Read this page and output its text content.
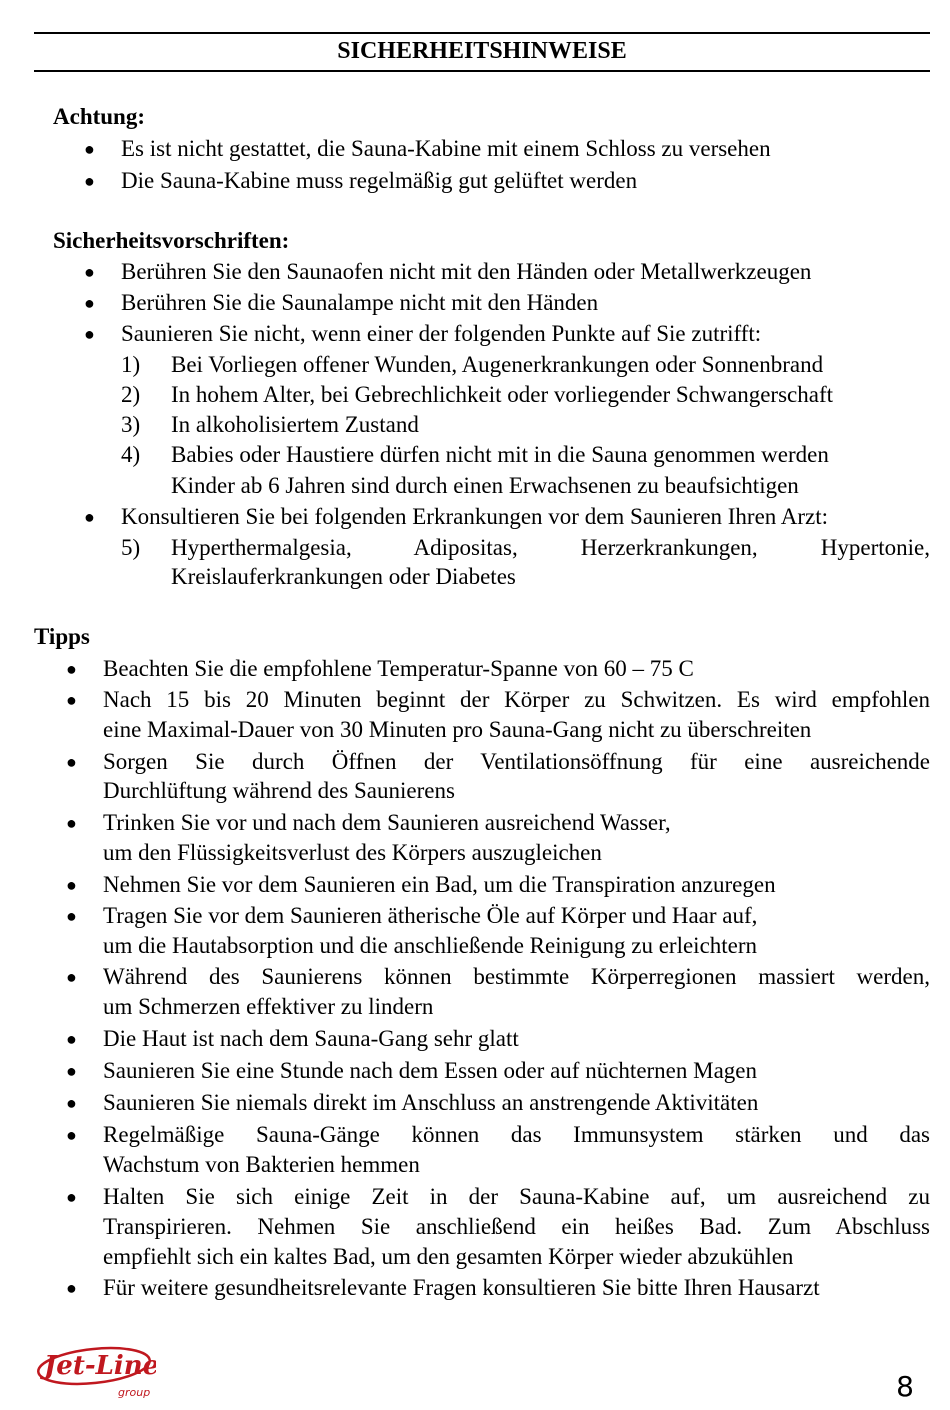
SICHERHEITSHINWEISE
Achtung:
● Es ist nicht gestattet, die Sauna-Kabine mit einem Schloss zu versehen
● Die Sauna-Kabine muss regelmäßig gut gelüftet werden
Sicherheitsvorschriften:
● Berühren Sie den Saunaofen nicht mit den Händen oder Metallwerkzeugen
● Berühren Sie die Saunalampe nicht mit den Händen
● Saunieren Sie nicht, wenn einer der folgenden Punkte auf Sie zutrifft:
1) Bei Vorliegen offener Wunden, Augenerkrankungen oder Sonnenbrand
2) In hohem Alter, bei Gebrechlichkeit oder vorliegender Schwangerschaft
3) In alkoholisiertem Zustand
4) Babies oder Haustiere dürfen nicht mit in die Sauna genommen werden
Kinder ab 6 Jahren sind durch einen Erwachsenen zu beaufsichtigen
● Konsultieren Sie bei folgenden Erkrankungen vor dem Saunieren Ihren Arzt:
5) Hyperthermalgesia, Adipositas, Herzerkrankungen, Hypertonie,
Kreislauferkrankungen oder Diabetes
Tipps
● Beachten Sie die empfohlene Temperatur-Spanne von 60 – 75 C
● Nach 15 bis 20 Minuten beginnt der Körper zu Schwitzen. Es wird empfohlen
eine Maximal-Dauer von 30 Minuten pro Sauna-Gang nicht zu überschreiten
● Sorgen Sie durch Öffnen der Ventilationsöffnung für eine ausreichende
Durchlüftung während des Saunierens
● Trinken Sie vor und nach dem Saunieren ausreichend Wasser,
um den Flüssigkeitsverlust des Körpers auszugleichen
● Nehmen Sie vor dem Saunieren ein Bad, um die Transpiration anzuregen
● Tragen Sie vor dem Saunieren ätherische Öle auf Körper und Haar auf,
um die Hautabsorption und die anschließende Reinigung zu erleichtern
● Während des Saunierens können bestimmte Körperregionen massiert werden,
um Schmerzen effektiver zu lindern
● Die Haut ist nach dem Sauna-Gang sehr glatt
● Saunieren Sie eine Stunde nach dem Essen oder auf nüchternen Magen
● Saunieren Sie niemals direkt im Anschluss an anstrengende Aktivitäten
● Regelmäßige Sauna-Gänge können das Immunsystem stärken und das
Wachstum von Bakterien hemmen
● Halten Sie sich einige Zeit in der Sauna-Kabine auf, um ausreichend zu
Transpirieren. Nehmen Sie anschließend ein heißes Bad. Zum Abschluss
empfiehlt sich ein kaltes Bad, um den gesamten Körper wieder abzukühlen
● Für weitere gesundheitsrelevante Fragen konsultieren Sie bitte Ihren Hausarzt
Jet-Line
group	8
